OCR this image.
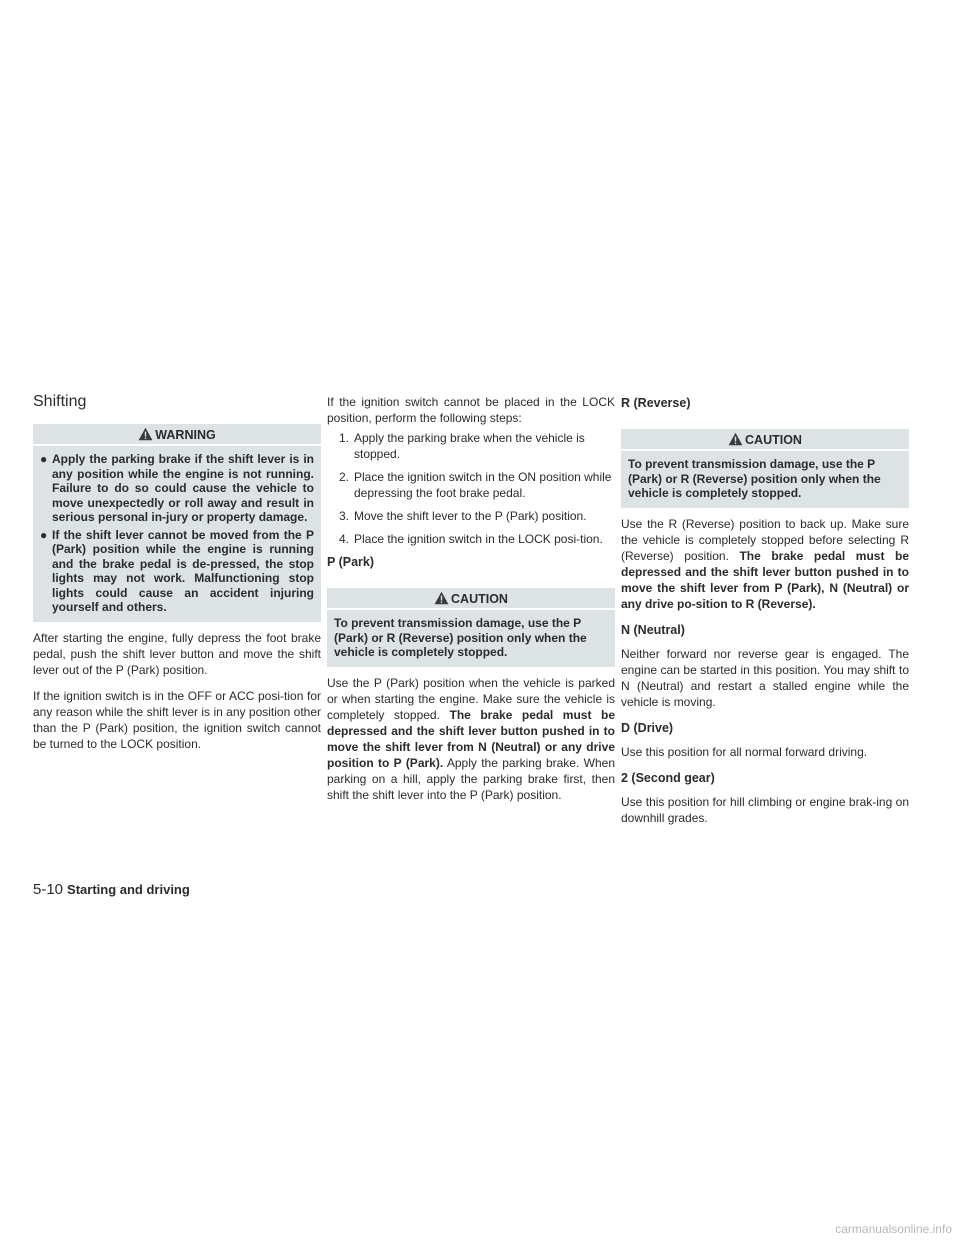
Shifting
WARNING
● Apply the parking brake if the shift lever is in any position while the engine is not running. Failure to do so could cause the vehicle to move unexpectedly or roll away and result in serious personal in-jury or property damage.
● If the shift lever cannot be moved from the P (Park) position while the engine is running and the brake pedal is de-pressed, the stop lights may not work. Malfunctioning stop lights could cause an accident injuring yourself and others.

After starting the engine, fully depress the foot brake pedal, push the shift lever button and move the shift lever out of the P (Park) position.

If the ignition switch is in the OFF or ACC posi-tion for any reason while the shift lever is in any position other than the P (Park) position, the ignition switch cannot be turned to the LOCK position.

If the ignition switch cannot be placed in the LOCK position, perform the following steps:

1. Apply the parking brake when the vehicle is stopped.
2. Place the ignition switch in the ON position while depressing the foot brake pedal.
3. Move the shift lever to the P (Park) position.
4. Place the ignition switch in the LOCK posi-tion.
P (Park)
CAUTION
To prevent transmission damage, use the P (Park) or R (Reverse) position only when the vehicle is completely stopped.

Use the P (Park) position when the vehicle is parked or when starting the engine. Make sure the vehicle is completely stopped. The brake pedal must be depressed and the shift lever button pushed in to move the shift lever from N (Neutral) or any drive position to P (Park). Apply the parking brake. When parking on a hill, apply the parking brake first, then shift the shift lever into the P (Park) position.

R (Reverse)
CAUTION
To prevent transmission damage, use the P (Park) or R (Reverse) position only when the vehicle is completely stopped.

Use the R (Reverse) position to back up. Make sure the vehicle is completely stopped before selecting R (Reverse) position. The brake pedal must be depressed and the shift lever button pushed in to move the shift lever from P (Park), N (Neutral) or any drive po-sition to R (Reverse).

N (Neutral)

Neither forward nor reverse gear is engaged. The engine can be started in this position. You may shift to N (Neutral) and restart a stalled engine while the vehicle is moving.

D (Drive)

Use this position for all normal forward driving.

2 (Second gear)

Use this position for hill climbing or engine brak-ing on downhill grades.

5-10 Starting and driving
carmanualsonline.info
